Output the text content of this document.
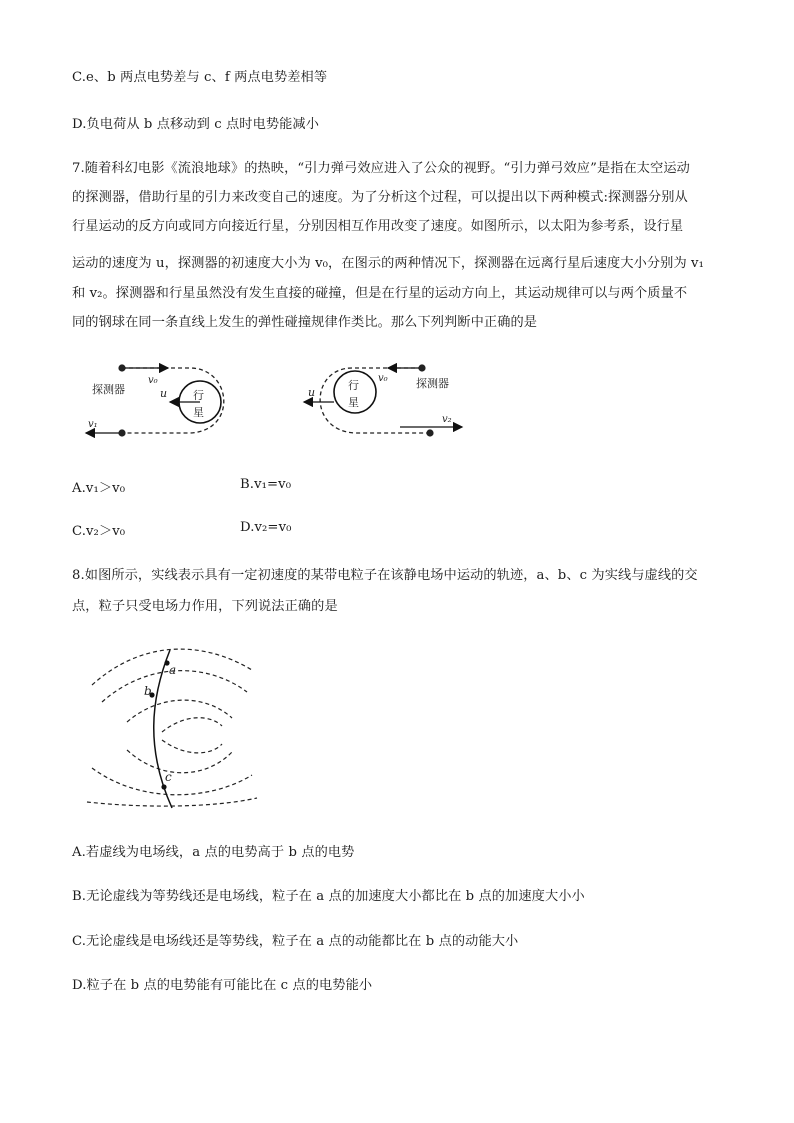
C.e、b 两点电势差与 c、f 两点电势差相等
D.负电荷从 b 点移动到 c 点时电势能减小
7.随着科幻电影《流浪地球》的热映，“引力弹弓效应进入了公众的视野。“引力弹弓效应”是指在太空运动
的探测器，借助行星的引力来改变自己的速度。为了分析这个过程，可以提出以下两种模式:探测器分别从
行星运动的反方向或同方向接近行星，分别因相互作用改变了速度。如图所示，以太阳为参考系，设行星
运动的速度为 u，探测器的初速度大小为 v₀，在图示的两种情况下，探测器在远离行星后速度大小分别为 v₁
和 v₂。探测器和行星虽然没有发生直接的碰撞，但是在行星的运动方向上，其运动规律可以与两个质量不
同的钢球在同一条直线上发生的弹性碰撞规律作类比。那么下列判断中正确的是
行
星
u
v₀
探测器
v₁
行
星
u
v₀	探测器
v₂
A.v₁＞v₀	B.v₁=v₀
C.v₂＞v₀	D.v₂=v₀
8.如图所示，实线表示具有一定初速度的某带电粒子在该静电场中运动的轨迹，a、b、c 为实线与虚线的交
点，粒子只受电场力作用，下列说法正确的是
a
b
c
A.若虚线为电场线，a 点的电势高于 b 点的电势
B.无论虚线为等势线还是电场线，粒子在 a 点的加速度大小都比在 b 点的加速度大小小
C.无论虚线是电场线还是等势线，粒子在 a 点的动能都比在 b 点的动能大小
D.粒子在 b 点的电势能有可能比在 c 点的电势能小
